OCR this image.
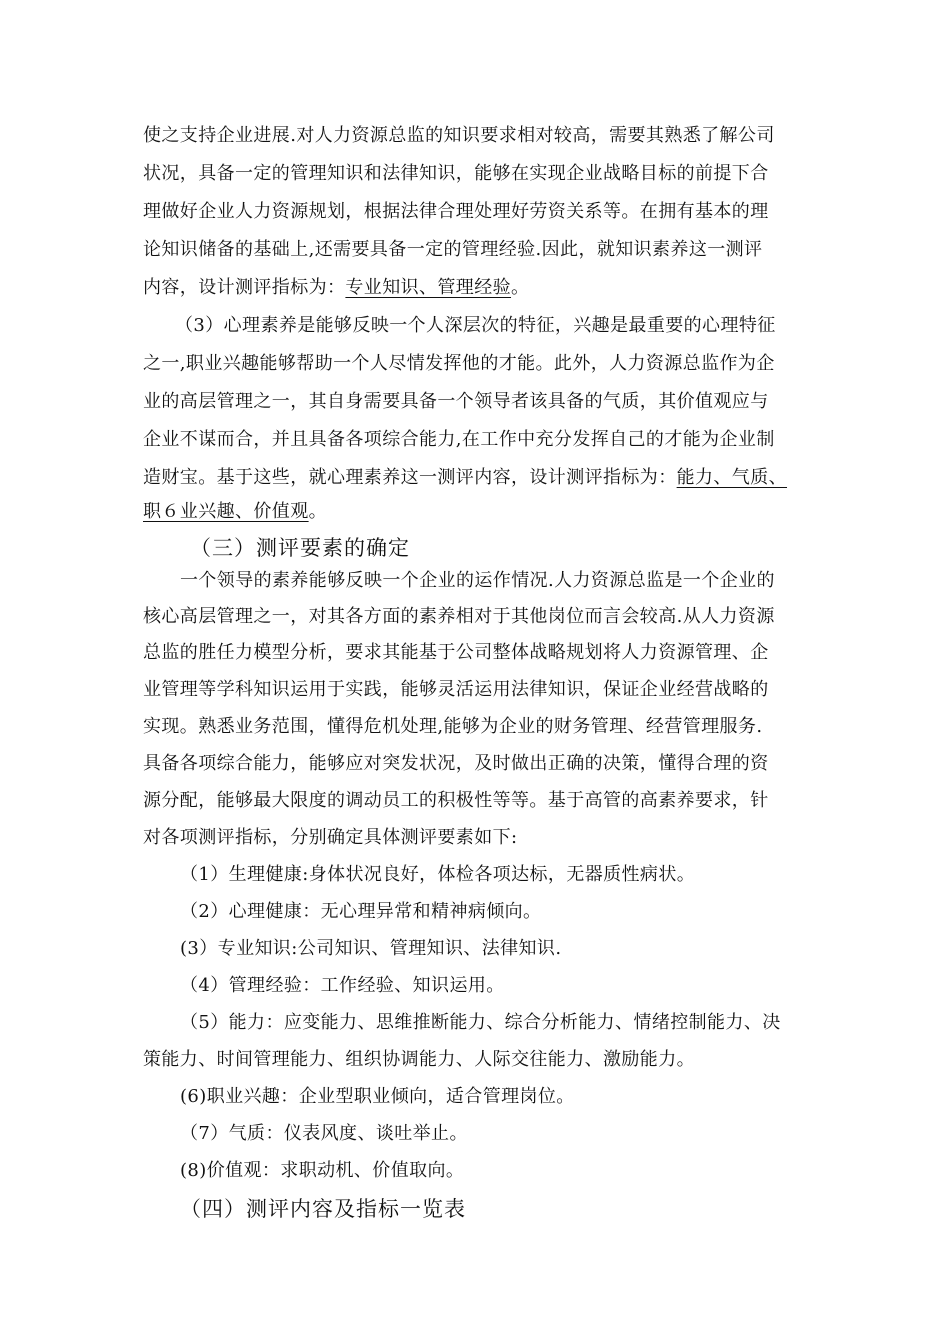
使之支持企业进展.对人力资源总监的知识要求相对较高，需要其熟悉了解公司
状况，具备一定的管理知识和法律知识，能够在实现企业战略目标的前提下合
理做好企业人力资源规划，根据法律合理处理好劳资关系等。在拥有基本的理
论知识储备的基础上,还需要具备一定的管理经验.因此，就知识素养这一测评
内容，设计测评指标为：专业知识、管理经验。
（3）心理素养是能够反映一个人深层次的特征，兴趣是最重要的心理特征
之一,职业兴趣能够帮助一个人尽情发挥他的才能。此外，人力资源总监作为企
业的高层管理之一，其自身需要具备一个领导者该具备的气质，其价值观应与
企业不谋而合，并且具备各项综合能力,在工作中充分发挥自己的才能为企业制
造财宝。基于这些，就心理素养这一测评内容，设计测评指标为：能力、气质、
职６业兴趣、价值观。
（三）测评要素的确定
一个领导的素养能够反映一个企业的运作情况.人力资源总监是一个企业的
核心高层管理之一，对其各方面的素养相对于其他岗位而言会较高.从人力资源
总监的胜任力模型分析，要求其能基于公司整体战略规划将人力资源管理、企
业管理等学科知识运用于实践，能够灵活运用法律知识，保证企业经营战略的
实现。熟悉业务范围，懂得危机处理,能够为企业的财务管理、经营管理服务.
具备各项综合能力，能够应对突发状况，及时做出正确的决策，懂得合理的资
源分配，能够最大限度的调动员工的积极性等等。基于高管的高素养要求，针
对各项测评指标，分别确定具体测评要素如下:
（1）生理健康:身体状况良好，体检各项达标，无器质性病状。
（2）心理健康：无心理异常和精神病倾向。
(3）专业知识:公司知识、管理知识、法律知识.
（4）管理经验：工作经验、知识运用。
（5）能力：应变能力、思维推断能力、综合分析能力、情绪控制能力、决
策能力、时间管理能力、组织协调能力、人际交往能力、激励能力。
(6)职业兴趣：企业型职业倾向，适合管理岗位。
（7）气质：仪表风度、谈吐举止。
(8)价值观：求职动机、价值取向。
（四）测评内容及指标一览表
